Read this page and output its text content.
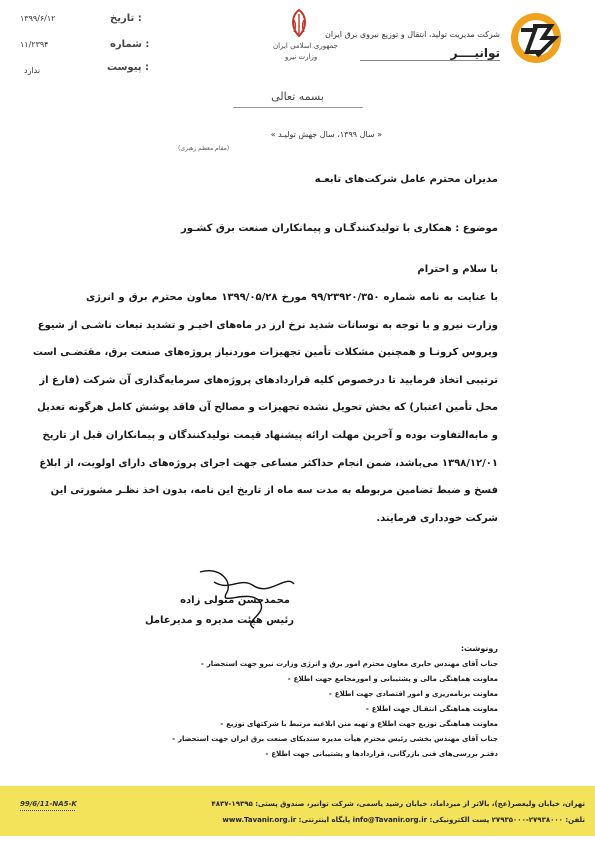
شرکت مدیریت تولید، انتقال و توزیع نیروی برق ایران
توانیــــر
جمهوری اسلامی ایران
وزارت نیرو
تاریخ :
۱۳۹۹/۶/۱۲
شماره :
۱۱/۲۳۹۴
پیوست :
ندارد
بسمه تعالی
« سال ۱۳۹۹، سال جهش تولیـد »
(مقام معظم رهبری)
مدیران محترم عامل شرکت‌های تابعـه
موضوع : همکاری با تولیدکنندگـان و پیمانکاران صنعت برق کشـور
با سلام و احترام
با عنایت به نامه شماره ۹۹/۲۳۹۲۰/۳۵۰ مورخ ۱۳۹۹/۰۵/۲۸ معاون محترم برق و انرژی
وزارت نیرو و با توجه به نوسانات شدید نرخ ارز در ماه‌های اخیـر و تشدید تبعات ناشـی از شیوع
ویروس کرونـا و همچنین مشکلات تأمین تجهیزات موردنیاز پروژه‌های صنعت برق، مقتضـی است
ترتیبی اتخاذ فرمایید تا درخصوص کلیه قراردادهای پروژه‌های سرمایه‌گذاری آن شرکت (فارغ از
محل تأمین اعتبار) که بخش تحویل نشده تجهیزات و مصالح آن فاقد پوشش کامل هرگونه تعدیل
و مابه‌التفاوت بوده و آخرین مهلت ارائه پیشنهاد قیمت تولیدکنندگان و پیمانکاران قبل از تاریخ
۱۳۹۸/۱۲/۰۱ می‌باشد، ضمن انجام حداکثر مساعی جهت اجرای پروژه‌های دارای اولویت، از ابلاغ
فسخ و ضبط تضامین مربوطه به مدت سه ماه از تاریخ این نامه، بدون اخذ نظـر مشورتی این
شرکت خودداری فرمایند.
محمدحسن متولی زاده
رئیس هیئت مدیره و مدیرعامل
رونوشت:
جناب آقای مهندس حایری معاون محترم امور برق و انرژی وزارت نیرو جهت استحضار -
معاونت هماهنگی مالی و پشتیبانی و امورمجامع جهت اطلاع -
معاونت برنامه‌ریزی و امور اقتصادی جهت اطلاع -
معاونت هماهنگی انتقـال جهت اطلاع -
معاونت هماهنگی توزیع جهت اطلاع و تهیه متن ابلاغیه مرتبط با شرکتهای توزیع -
جناب آقای مهندس بخشی رئیس محترم هیأت مدیره سندیکای صنعت برق ایران جهت استحضار -
دفتـر بررسی‌های فنی بازرگانی، قراردادها و پشتیبانی جهت اطلاع -
تهران، خیابان ولیعصر(عج)، بالاتر از میرداماد، خیابان رشید یاسمی، شرکت توانیر، صندوق پستی: ۱۹۳۹۵-۴۸۳۷
تلفن: ۲۷۹۳۸۰۰۰-۲۷۹۳۵۰۰۰ پست الکترونیکی: info@Tavanir.org.ir پایگاه اینترنتی: www.Tavanir.org.ir
99/6/11-NA5-K
